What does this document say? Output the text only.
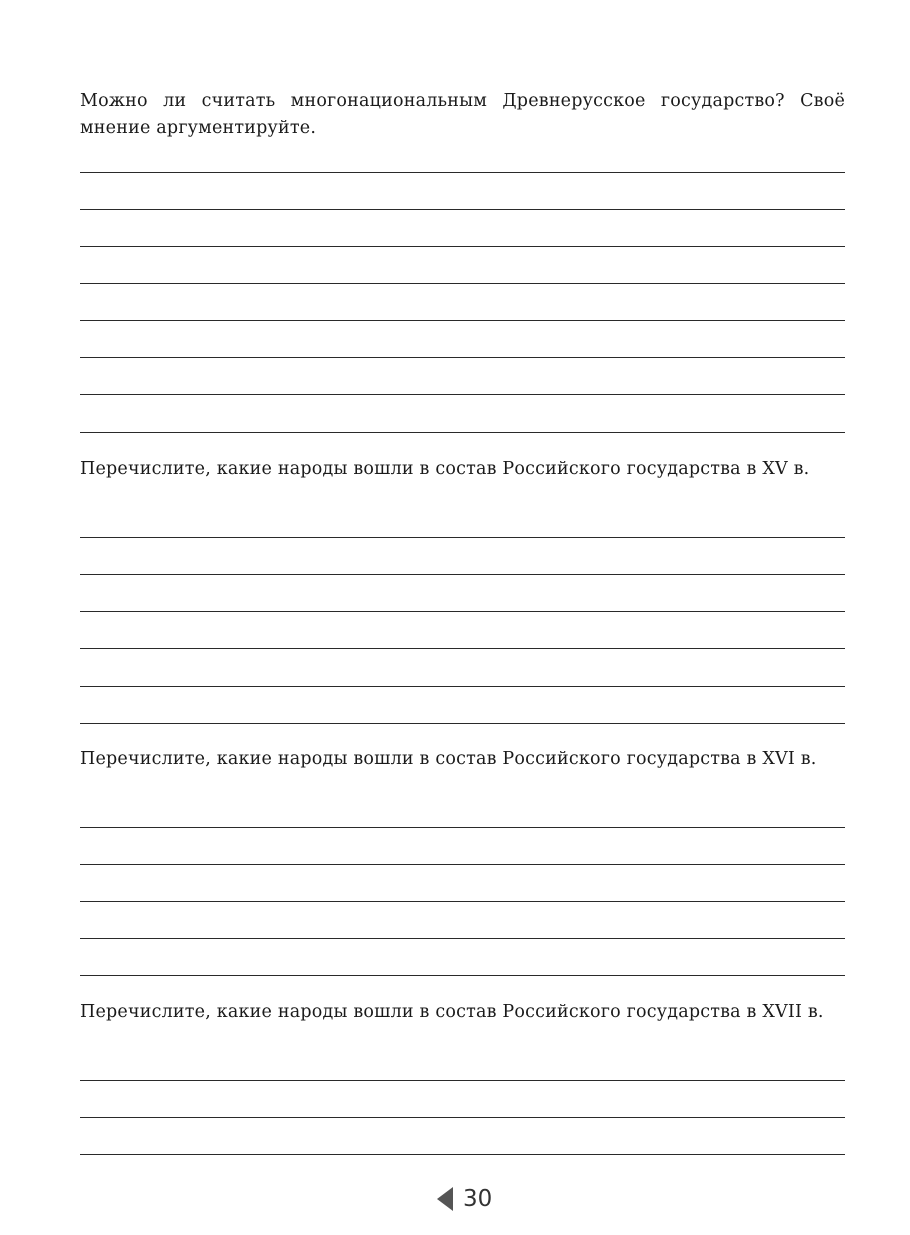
Можно ли считать многонациональным Древнерусское государство? Своё мнение аргументируйте.
Перечислите, какие народы вошли в состав Российского государства в XV в.
Перечислите, какие народы вошли в состав Российского государства в XVI в.
Перечислите, какие народы вошли в состав Российского государства в XVII в.
30
